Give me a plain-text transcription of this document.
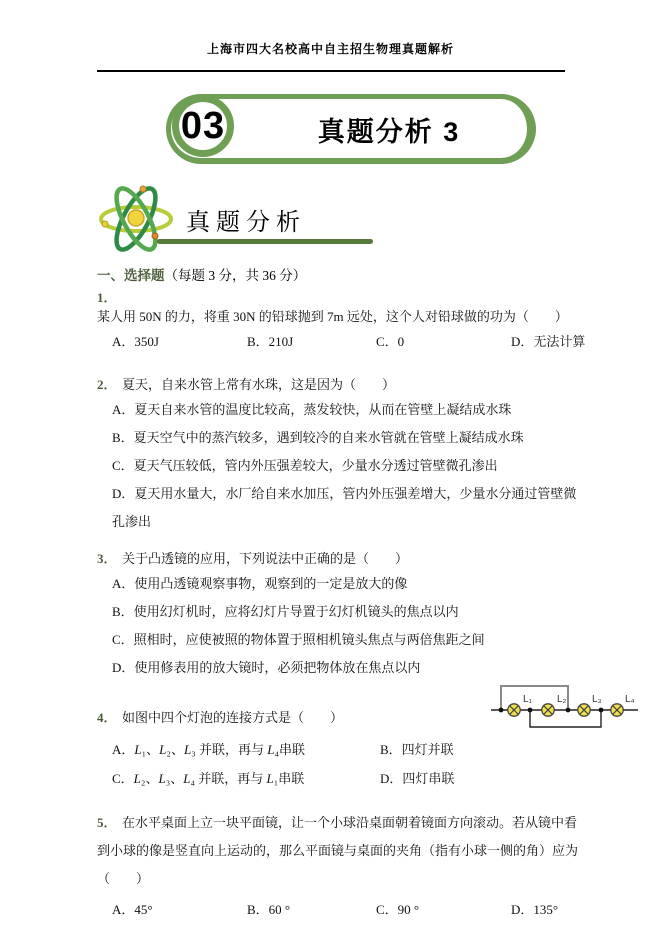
上海市四大名校高中自主招生物理真题解析
03	真题分析 3
真题分析
一、选择题（每题 3 分，共 36 分）
1．某人用 50N 的力，将重 30N 的铅球抛到 7m 远处，这个人对铅球做的功为（　　）
A．350J	B．210J	C．0	D．无法计算
2． 夏天，自来水管上常有水珠，这是因为（　　）
A．夏天自来水管的温度比较高，蒸发较快，从而在管壁上凝结成水珠
B．夏天空气中的蒸汽较多，遇到较冷的自来水管就在管壁上凝结成水珠
C．夏天气压较低，管内外压强差较大，少量水分透过管壁微孔渗出
D．夏天用水量大，水厂给自来水加压，管内外压强差增大，少量水分通过管壁微孔渗出
3． 关于凸透镜的应用，下列说法中正确的是（　　）
A．使用凸透镜观察事物，观察到的一定是放大的像
B．使用幻灯机时，应将幻灯片导置于幻灯机镜头的焦点以内
C．照相时，应使被照的物体置于照相机镜头焦点与两倍焦距之间
D．使用修表用的放大镜时，必须把物体放在焦点以内
4． 如图中四个灯泡的连接方式是（　　）
A．L₁、L₂、L₃ 并联，再与 L₄串联	B．四灯并联
C．L₂、L₃、L₄ 并联，再与 L₁串联	D．四灯串联
5． 在水平桌面上立一块平面镜，让一个小球沿桌面朝着镜面方向滚动。若从镜中看到小球的像是竖直向上运动的，那么平面镜与桌面的夹角（指有小球一侧的角）应为（　　）
A．45°	B．60 °	C．90 °	D．135°
L₁	L₂	L₃ L₄
